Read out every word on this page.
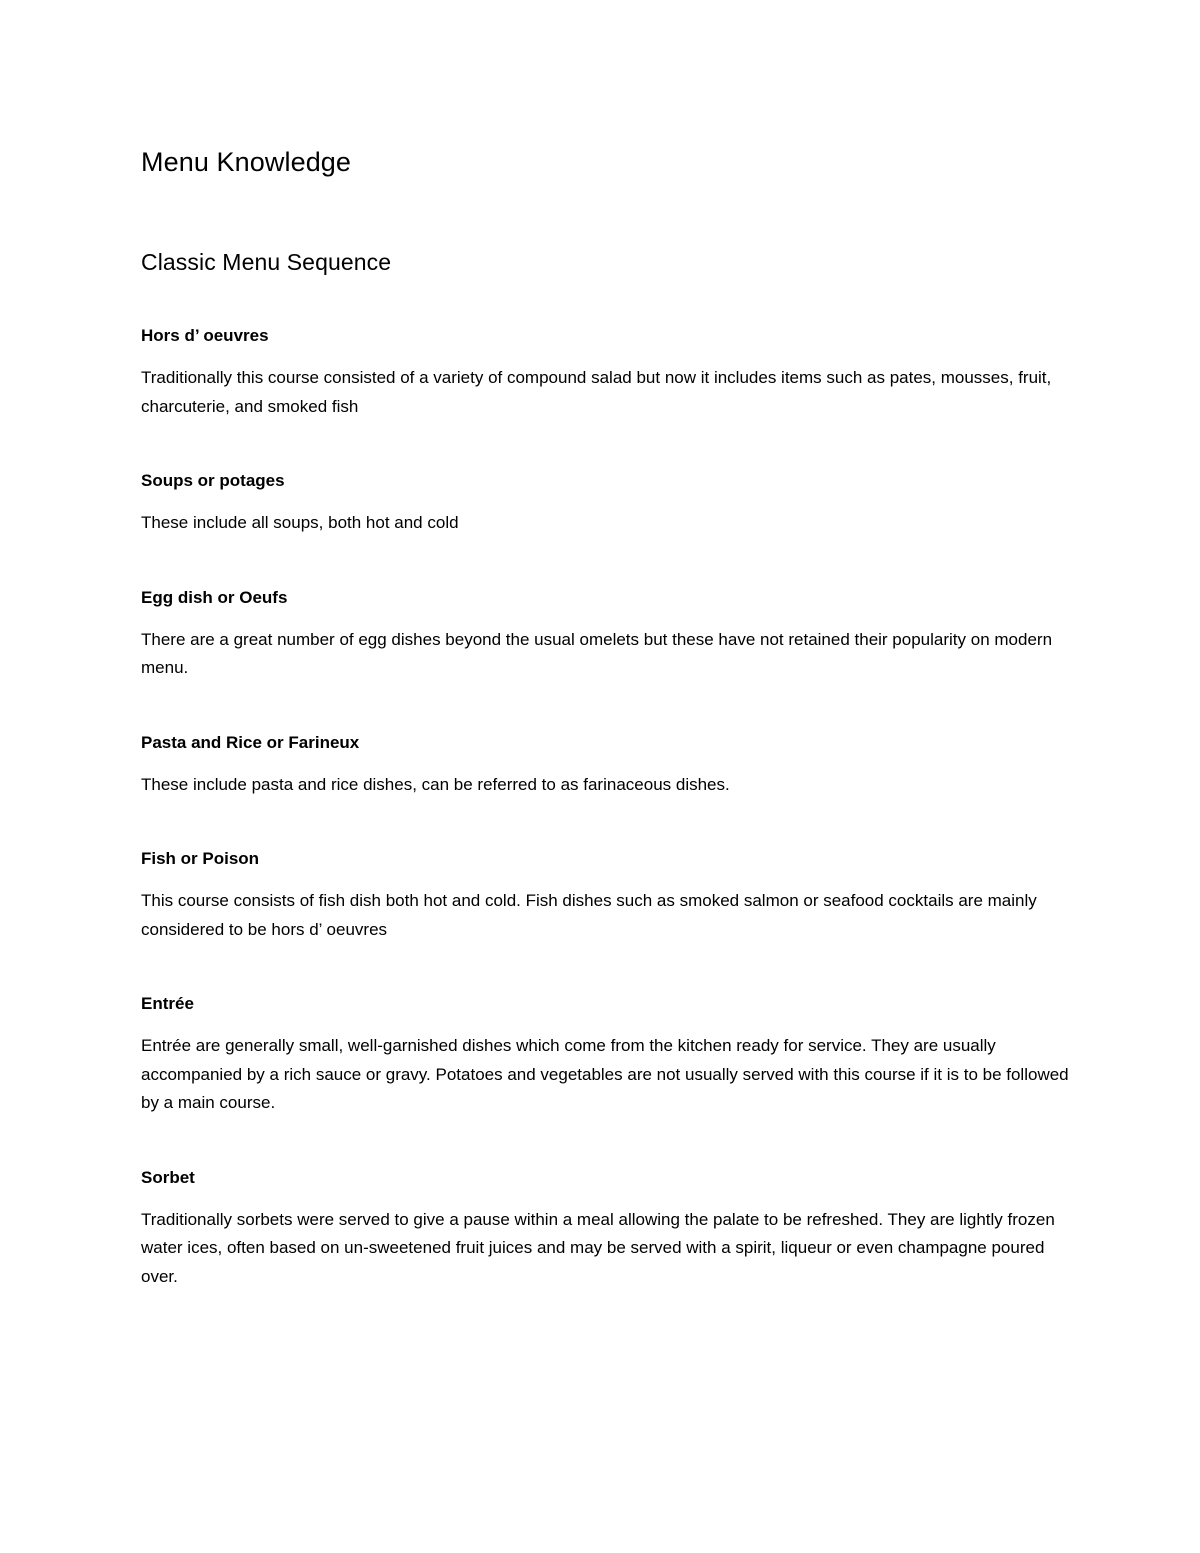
Menu Knowledge
Classic Menu Sequence
Hors d’ oeuvres

Traditionally this course consisted of a variety of compound salad but now it includes items such as pates, mousses, fruit, charcuterie, and smoked fish

Soups or potages

These include all soups, both hot and cold

Egg dish or Oeufs

There are a great number of egg dishes beyond the usual omelets but these have not retained their popularity on modern menu.

Pasta and Rice or Farineux

These include pasta and rice dishes, can be referred to as farinaceous dishes.

Fish or Poison

This course consists of fish dish both hot and cold. Fish dishes such as smoked salmon or seafood cocktails are mainly considered to be hors d’ oeuvres

Entrée

Entrée are generally small, well-garnished dishes which come from the kitchen ready for service. They are usually accompanied by a rich sauce or gravy. Potatoes and vegetables are not usually served with this course if it is to be followed by a main course.

Sorbet

Traditionally sorbets were served to give a pause within a meal allowing the palate to be refreshed. They are lightly frozen water ices, often based on un-sweetened fruit juices and may be served with a spirit, liqueur or even champagne poured over.
